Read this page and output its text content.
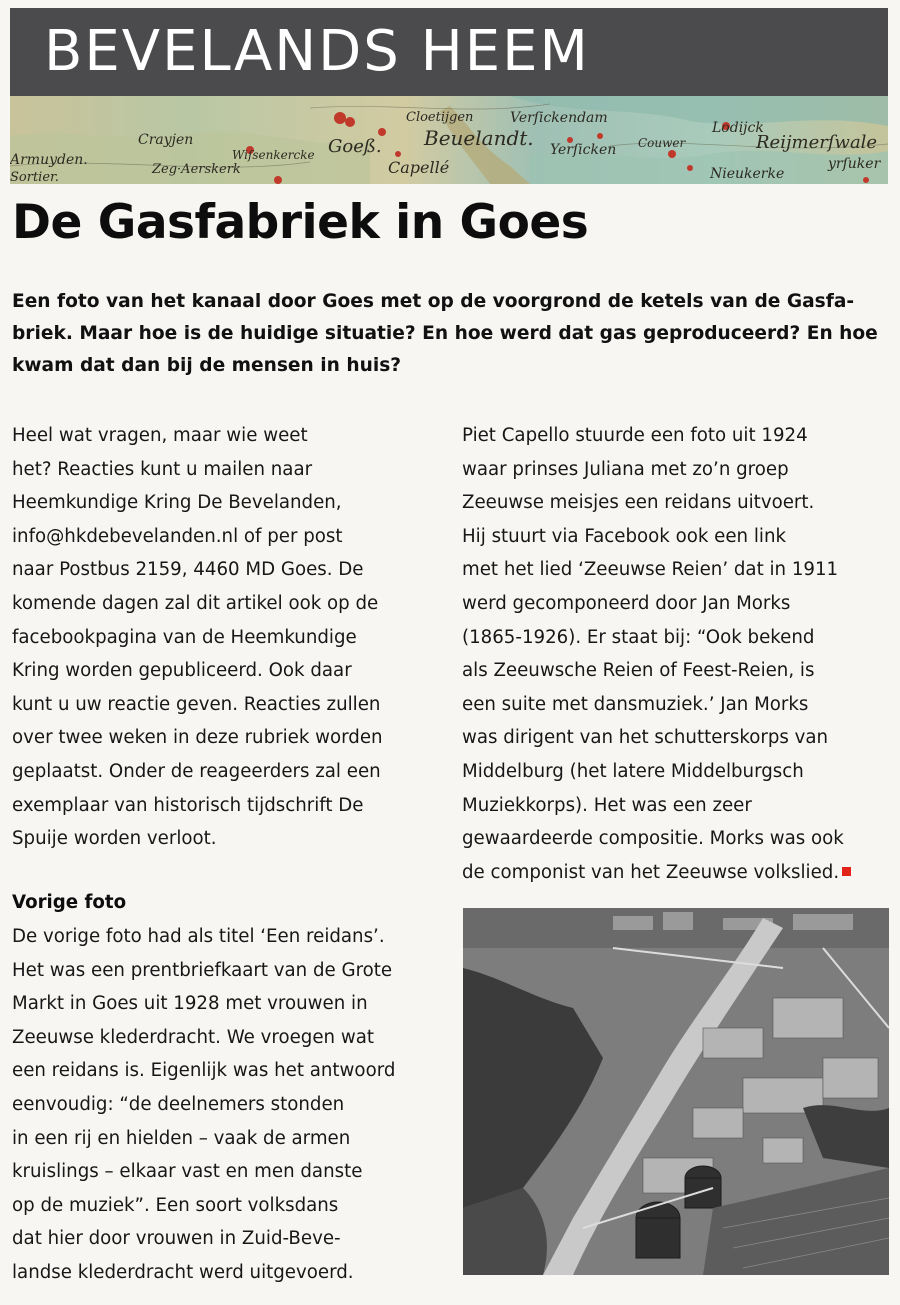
BEVELANDS HEEM
Armuyden.
Sortier.
Crayjen
Zeg·Aerskerk
Wiſsenkercke Goeß. Beuelandt.
Capellé
Cloetijgen	Verſickendam
Yerſicken Couwer
Lodijck
Reijmerſwale
yrſuker
Nieukerke
De Gasfabriek in Goes

Een foto van het kanaal door Goes met op de voorgrond de ketels van de Gasfa-
briek. Maar hoe is de huidige situatie? En hoe werd dat gas geproduceerd? En hoe
kwam dat dan bij de mensen in huis?

Heel wat vragen, maar wie weet
het? Reacties kunt u mailen naar
Heemkundige Kring De Bevelanden,
info@hkdebevelanden.nl of per post
naar Postbus 2159, 4460 MD Goes. De
komende dagen zal dit artikel ook op de
facebookpagina van de Heemkundige
Kring worden gepubliceerd. Ook daar
kunt u uw reactie geven. Reacties zullen
over twee weken in deze rubriek worden
geplaatst. Onder de reageerders zal een
exemplaar van historisch tijdschrift De
Spuije worden verloot.
Vorige foto
De vorige foto had als titel ‘Een reidans’.
Het was een prentbriefkaart van de Grote
Markt in Goes uit 1928 met vrouwen in
Zeeuwse klederdracht. We vroegen wat
een reidans is. Eigenlijk was het antwoord
eenvoudig: “de deelnemers stonden
in een rij en hielden – vaak de armen
kruislings – elkaar vast en men danste
op de muziek”. Een soort volksdans
dat hier door vrouwen in Zuid-Beve-
landse klederdracht werd uitgevoerd.
Piet Capello stuurde een foto uit 1924
waar prinses Juliana met zo’n groep
Zeeuwse meisjes een reidans uitvoert.
Hij stuurt via Facebook ook een link
met het lied ‘Zeeuwse Reien’ dat in 1911
werd gecomponeerd door Jan Morks
(1865-1926). Er staat bij: “Ook bekend
als Zeeuwsche Reien of Feest-Reien, is
een suite met dansmuziek.’ Jan Morks
was dirigent van het schutterskorps van
Middelburg (het latere Middelburgsch
Muziekkorps). Het was een zeer
gewaardeerde compositie. Morks was ook
de componist van het Zeeuwse volkslied.
